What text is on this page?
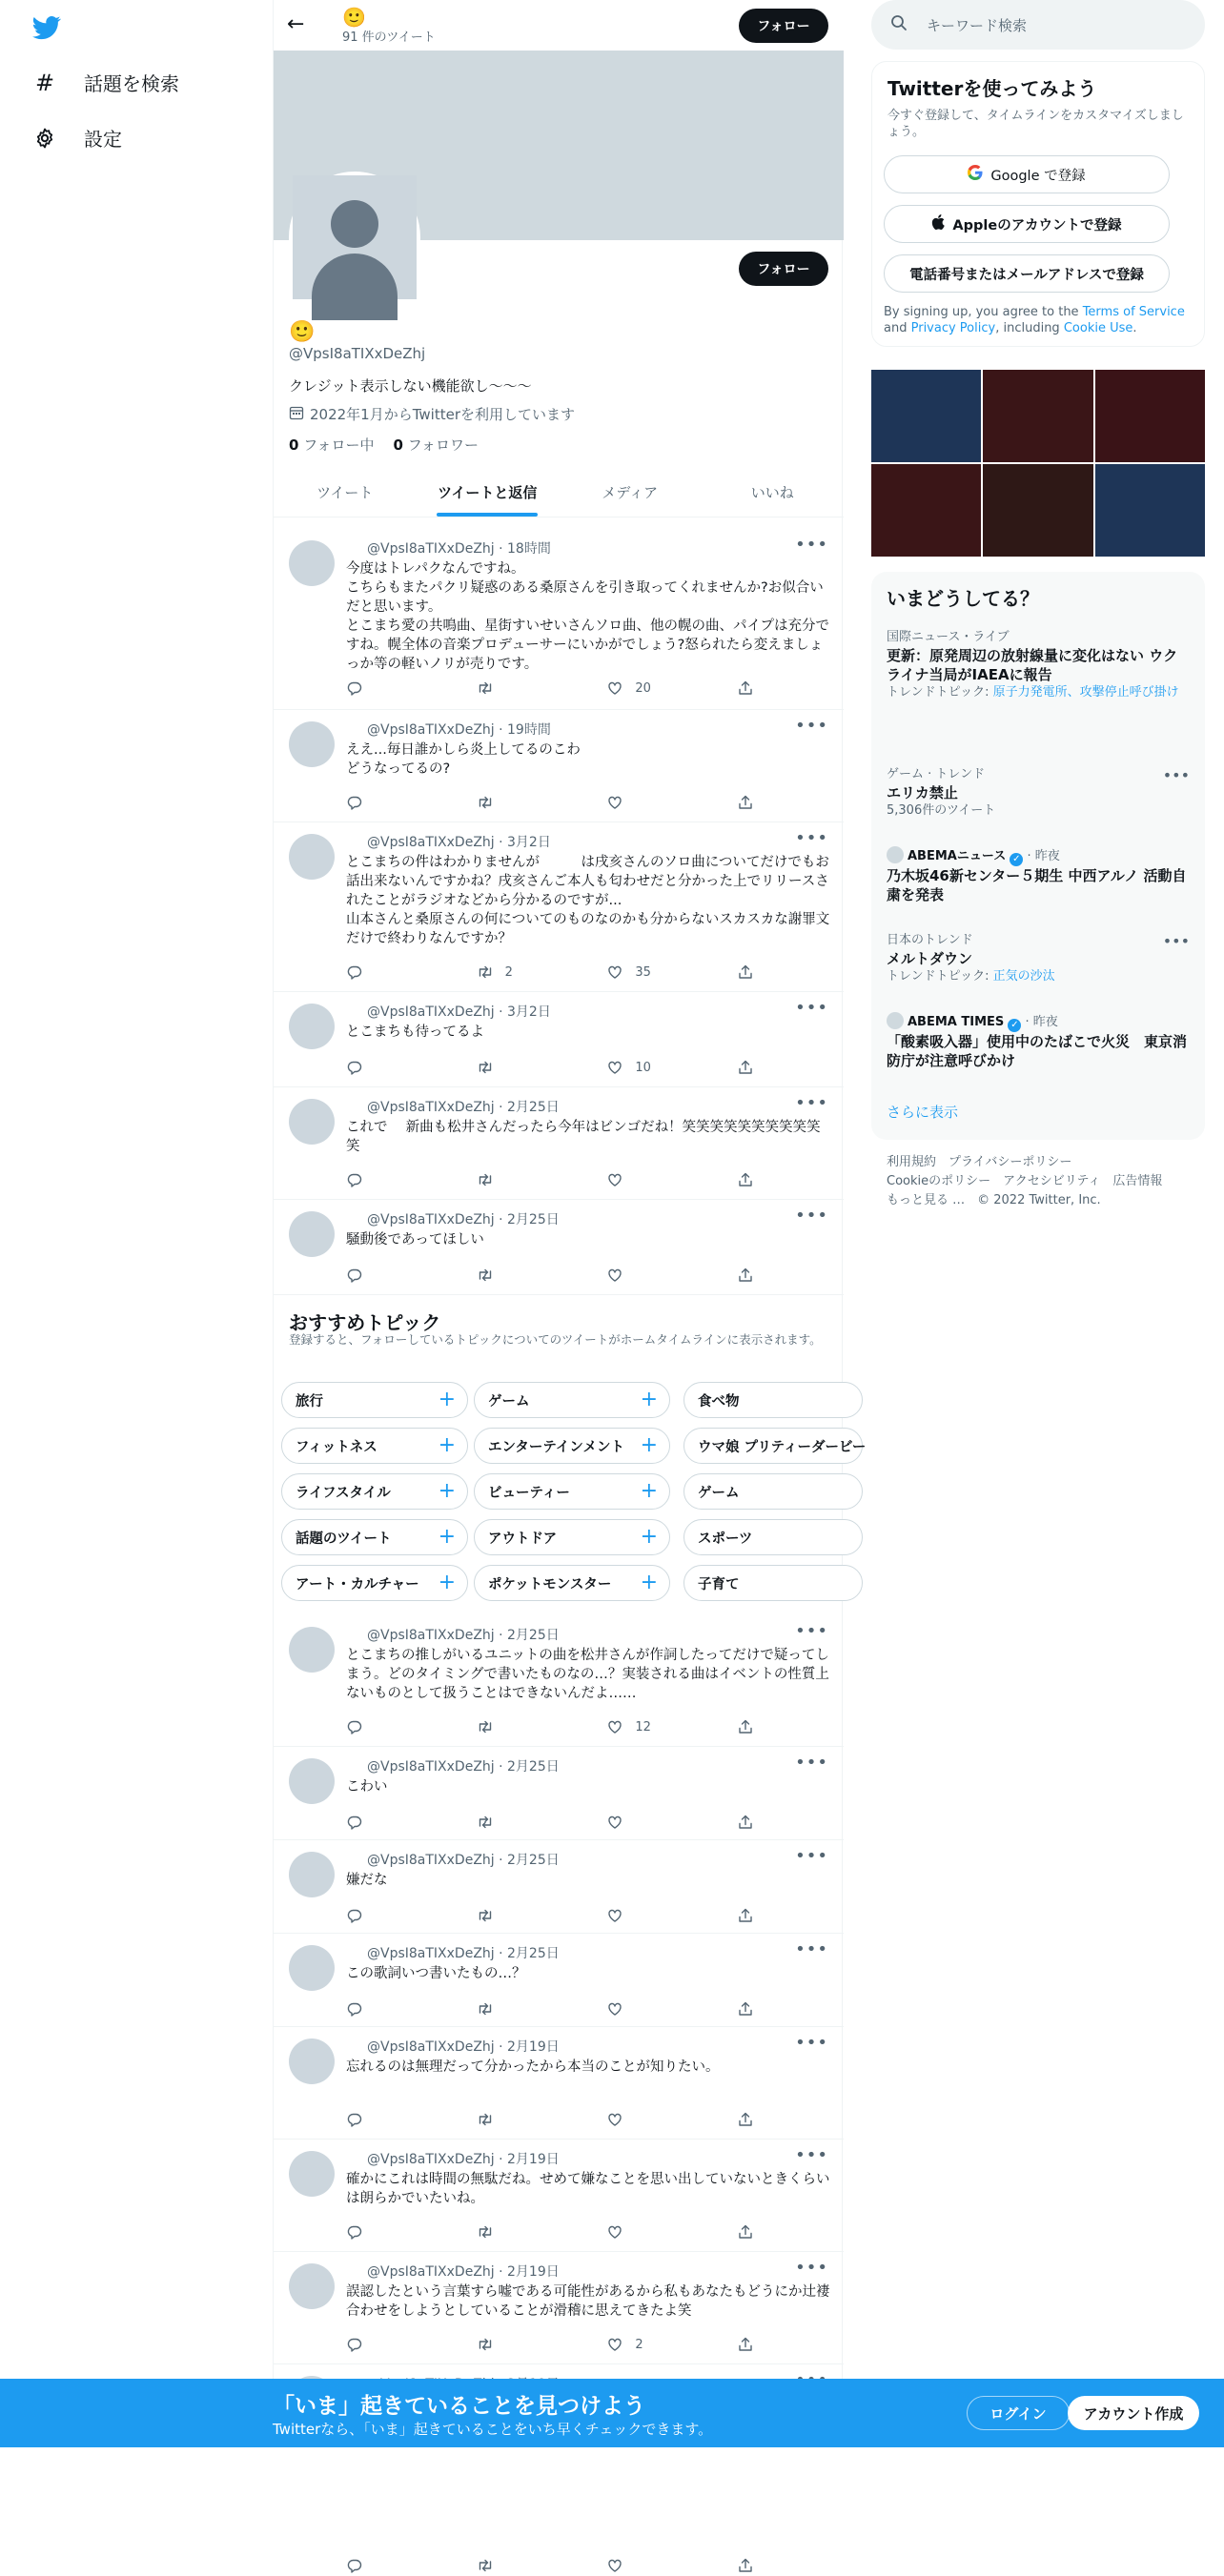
# 話題を検索
設定
← 🙂
91 件のツイート
フォロー
フォロー
🙂
@VpsI8aTIXxDeZhj
クレジット表示しない機能欲し〜〜〜
2022年1月からTwitterを利用しています
0 フォロー中 0 フォロワー
ツイート	ツイートと返信	メディア	いいね
@VpsI8aTIXxDeZhj · 18時間	•••
今度はトレパクなんですね。
こちらもまたパクリ疑惑のある桑原さんを引き取ってくれませんか?お似合いだと思います。
とこまち愛の共鳴曲、星街すいせいさんソロ曲、他の幌の曲、パイプは充分ですね。幌全体の音楽プロデューサーにいかがでしょう?怒られたら変えましょっか等の軽いノリが売りです。
20
@VpsI8aTIXxDeZhj · 19時間	•••
ええ...毎日誰かしら炎上してるのこわ
どうなってるの?
@VpsI8aTIXxDeZhj · 3月2日	•••
とこまちの件はわかりませんが　　　は戌亥さんのソロ曲についてだけでもお話出来ないんですかね？戌亥さんご本人も匂わせだと分かった上でリリースされたことがラジオなどから分かるのですが...
山本さんと桑原さんの何についてのものなのかも分からないスカスカな謝罪文だけで終わりなんですか？
2	35
@VpsI8aTIXxDeZhj · 3月2日	•••
とこまちも待ってるよ
10
@VpsI8aTIXxDeZhj · 2月25日	•••
これで　 新曲も松井さんだったら今年はビンゴだね！笑笑笑笑笑笑笑笑笑笑笑
@VpsI8aTIXxDeZhj · 2月25日	•••
騒動後であってほしい
@VpsI8aTIXxDeZhj · 2月25日	•••
とこまちの推しがいるユニットの曲を松井さんが作詞したってだけで疑ってしまう。どのタイミングで書いたものなの…？実装される曲はイベントの性質上ないものとして扱うことはできないんだよ……
12
@VpsI8aTIXxDeZhj · 2月25日	•••
こわい
@VpsI8aTIXxDeZhj · 2月25日	•••
嫌だな
@VpsI8aTIXxDeZhj · 2月25日	•••
この歌詞いつ書いたもの…？
@VpsI8aTIXxDeZhj · 2月19日	•••
忘れるのは無理だって分かったから本当のことが知りたい。
@VpsI8aTIXxDeZhj · 2月19日	•••
確かにこれは時間の無駄だね。せめて嫌なことを思い出していないときくらいは朗らかでいたいね。
@VpsI8aTIXxDeZhj · 2月19日	•••
誤認したという言葉すら嘘である可能性があるから私もあなたもどうにか辻褄合わせをしようとしていることが滑稽に思えてきたよ笑
2
おすすめトピック
登録すると、フォローしているトピックについてのツイートがホームタイムラインに表示されます。
旅行	+ ゲーム	+	食べ物
フィットネス	+ エンターテインメント +	ウマ娘 プリティーダービー
ライフスタイル + ビューティー	+	ゲーム
話題のツイート + アウトドア	+	スポーツ
アート・カルチャー + ポケットモンスター +	子育て
キーワード検索
Twitterを使ってみよう
今すぐ登録して、タイムラインをカスタマイズしましょう。
Google で登録
Appleのアカウントで登録
電話番号またはメールアドレスで登録
By signing up, you agree to the Terms of Service and Privacy Policy, including Cookie Use.
いまどうしてる？
国際ニュース・ライブ
更新：原発周辺の放射線量に変化はない ウクライナ当局がIAEAに報告
トレンドトピック: 原子力発電所、攻撃停止呼び掛け
ゲーム · トレンド
エリカ禁止
5,306件のツイート
•••
ABEMAニュース ✓ · 昨夜
乃木坂46新センター５期生 中西アルノ 活動自粛を発表
日本のトレンド
メルトダウン
トレンドトピック: 正気の沙汰
•••
ABEMA TIMES ✓ · 昨夜
「酸素吸入器」使用中のたばこで火災　東京消防庁が注意呼びかけ
さらに表示
利用規約　プライバシーポリシー
Cookieのポリシー　アクセシビリティ　広告情報
もっと見る …　© 2022 Twitter, Inc.
「いま」起きていることを見つけよう
Twitterなら、「いま」起きていることをいち早くチェックできます。
ログイン	アカウント作成
